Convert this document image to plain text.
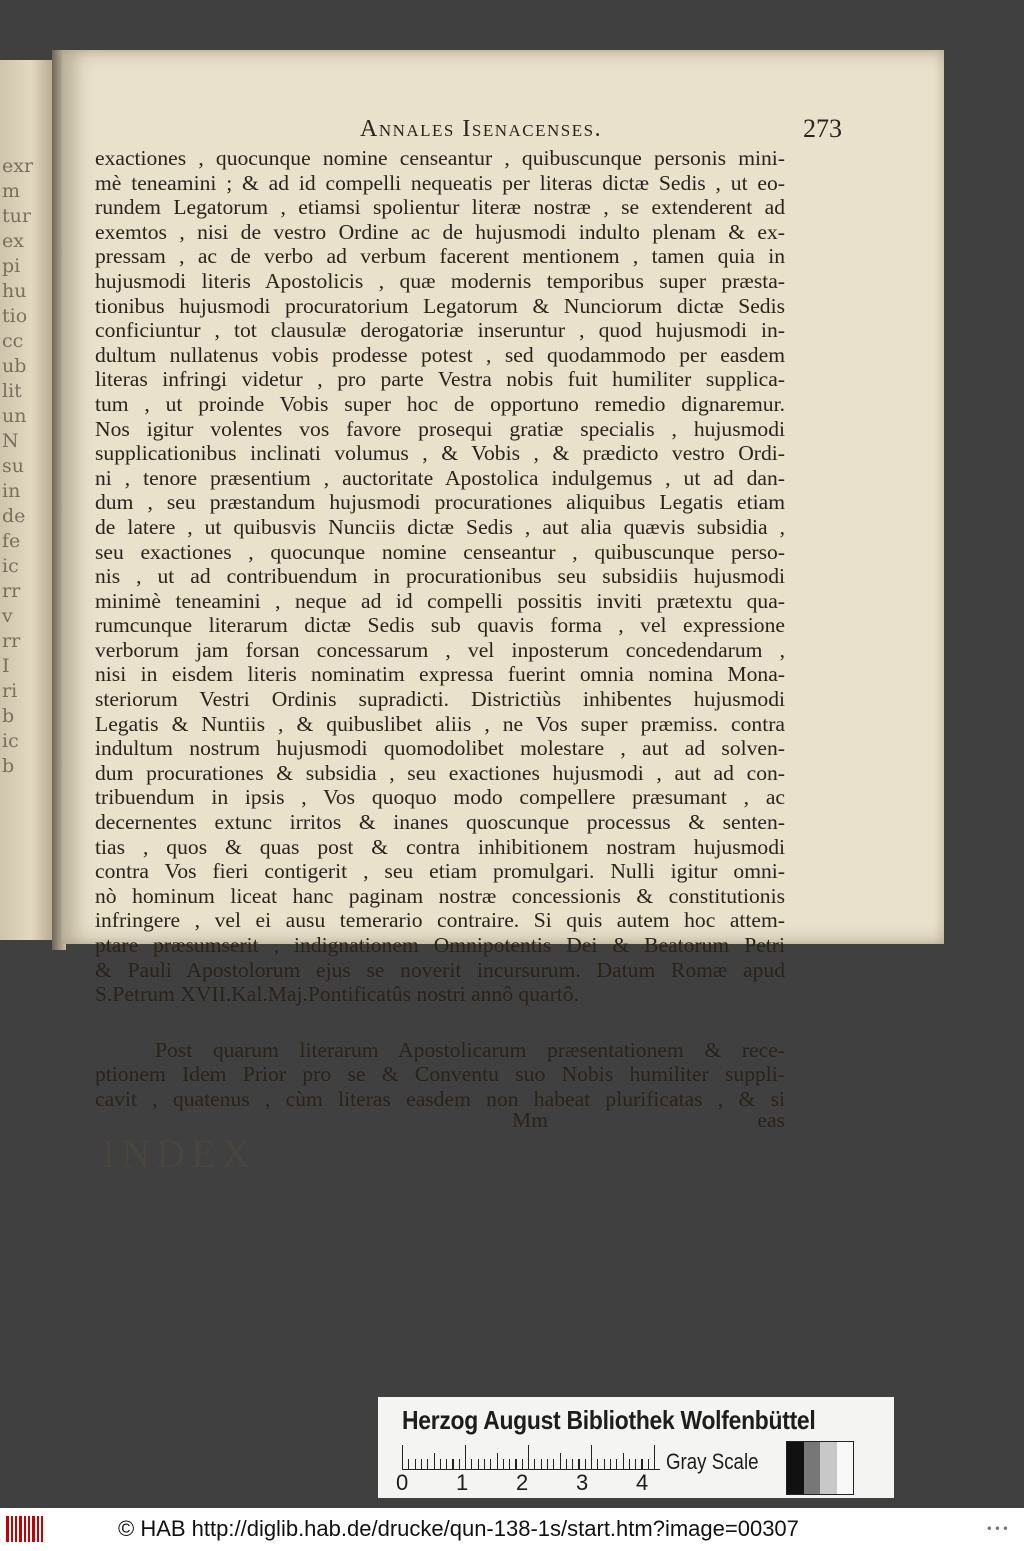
exr
m
tur
ex
pi
hu
tio
cc
ub
lit
un
N
su
in
de
fe
ic
rr
v
rr
I
ri
b
ic
b
Annales Isenacenses.	273
exactiones , quocunque nomine censeantur , quibuscunque personis mini-
mè teneamini ; & ad id compelli nequeatis per literas dictæ Sedis , ut eo-
rundem Legatorum , etiamsi spolientur literæ nostræ , se extenderent ad
exemtos , nisi de vestro Ordine ac de hujusmodi indulto plenam & ex-
pressam , ac de verbo ad verbum facerent mentionem , tamen quia in
hujusmodi literis Apostolicis , quæ modernis temporibus super præsta-
tionibus hujusmodi procuratorium Legatorum & Nunciorum dictæ Sedis
conficiuntur , tot clausulæ derogatoriæ inseruntur , quod hujusmodi in-
dultum nullatenus vobis prodesse potest , sed quodammodo per easdem
literas infringi videtur , pro parte Vestra nobis fuit humiliter supplica-
tum , ut proinde Vobis super hoc de opportuno remedio dignaremur.
Nos igitur volentes vos favore prosequi gratiæ specialis , hujusmodi
supplicationibus inclinati volumus , & Vobis , & prædicto vestro Ordi-
ni , tenore præsentium , auctoritate Apostolica indulgemus , ut ad dan-
dum , seu præstandum hujusmodi procurationes aliquibus Legatis etiam
de latere , ut quibusvis Nunciis dictæ Sedis , aut alia quævis subsidia ,
seu exactiones , quocunque nomine censeantur , quibuscunque perso-
nis , ut ad contribuendum in procurationibus seu subsidiis hujusmodi
minimè teneamini , neque ad id compelli possitis inviti prætextu qua-
rumcunque literarum dictæ Sedis sub quavis forma , vel expressione
verborum jam forsan concessarum , vel inposterum concedendarum ,
nisi in eisdem literis nominatim expressa fuerint omnia nomina Mona-
steriorum Vestri Ordinis supradicti. Districtiùs inhibentes hujusmodi
Legatis & Nuntiis , & quibuslibet aliis , ne Vos super præmiss. contra
indultum nostrum hujusmodi quomodolibet molestare , aut ad solven-
dum procurationes & subsidia , seu exactiones hujusmodi , aut ad con-
tribuendum in ipsis , Vos quoquo modo compellere præsumant , ac
decernentes extunc irritos & inanes quoscunque processus & senten-
tias , quos & quas post & contra inhibitionem nostram hujusmodi
contra Vos fieri contigerit , seu etiam promulgari. Nulli igitur omni-
nò hominum liceat hanc paginam nostræ concessionis & constitutionis
infringere , vel ei ausu temerario contraire. Si quis autem hoc attem-
ptare præsumserit , indignationem Omnipotentis Dei & Beatorum Petri
& Pauli Apostolorum ejus se noverit incursurum. Datum Romæ apud
S.Petrum XVII.Kal.Maj.Pontificatûs nostri annô quartô.
Post quarum literarum Apostolicarum præsentationem & rece-
ptionem Idem Prior pro se & Conventu suo Nobis humiliter suppli-
cavit , quatenus , cùm literas easdem non habeat plurificatas , & si
Mm	eas
INDEX
Herzog August Bibliothek Wolfenbüttel
0 1 2 3 4
Gray Scale
© HAB http://diglib.hab.de/drucke/qun-138-1s/start.htm?image=00307	•••
